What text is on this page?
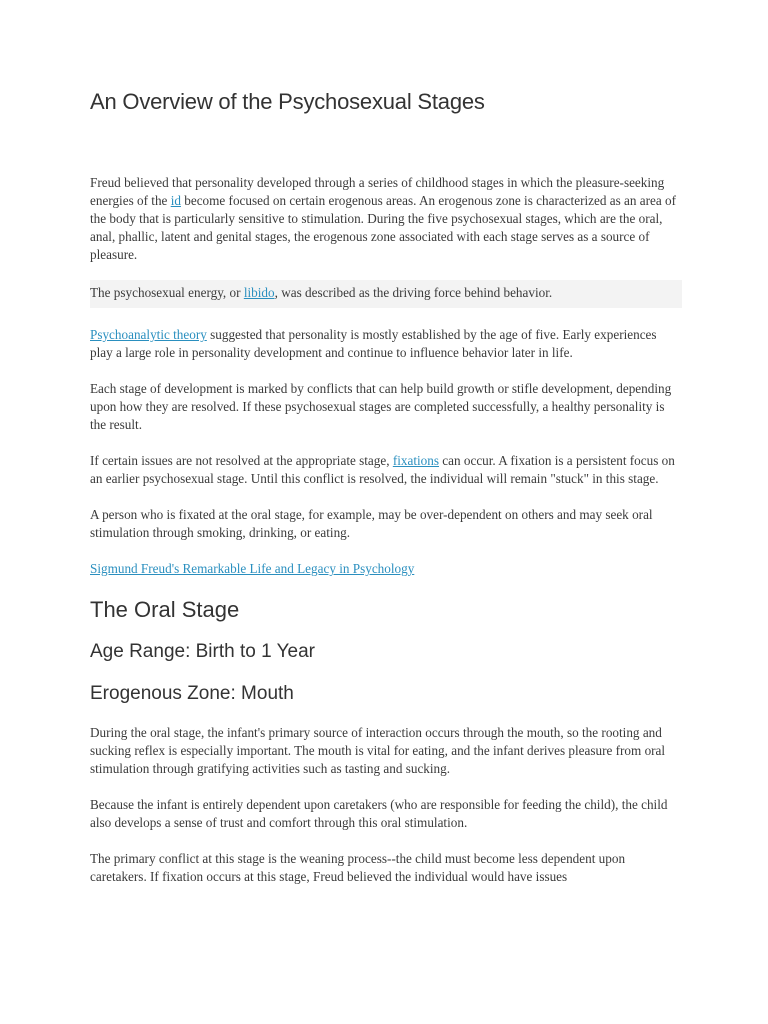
An Overview of the Psychosexual Stages

Freud believed that personality developed through a series of childhood stages in which the pleasure-seeking energies of the id become focused on certain erogenous areas. An erogenous zone is characterized as an area of the body that is particularly sensitive to stimulation. During the five psychosexual stages, which are the oral, anal, phallic, latent and genital stages, the erogenous zone associated with each stage serves as a source of pleasure.

The psychosexual energy, or libido, was described as the driving force behind behavior.

Psychoanalytic theory suggested that personality is mostly established by the age of five. Early experiences play a large role in personality development and continue to influence behavior later in life.

Each stage of development is marked by conflicts that can help build growth or stifle development, depending upon how they are resolved. If these psychosexual stages are completed successfully, a healthy personality is the result.

If certain issues are not resolved at the appropriate stage, fixations can occur. A fixation is a persistent focus on an earlier psychosexual stage. Until this conflict is resolved, the individual will remain "stuck" in this stage.

A person who is fixated at the oral stage, for example, may be over-dependent on others and may seek oral stimulation through smoking, drinking, or eating.

Sigmund Freud's Remarkable Life and Legacy in Psychology

The Oral Stage
Age Range: Birth to 1 Year
Erogenous Zone: Mouth

During the oral stage, the infant's primary source of interaction occurs through the mouth, so the rooting and sucking reflex is especially important. The mouth is vital for eating, and the infant derives pleasure from oral stimulation through gratifying activities such as tasting and sucking.

Because the infant is entirely dependent upon caretakers (who are responsible for feeding the child), the child also develops a sense of trust and comfort through this oral stimulation.

The primary conflict at this stage is the weaning process--the child must become less dependent upon caretakers. If fixation occurs at this stage, Freud believed the individual would have issues
